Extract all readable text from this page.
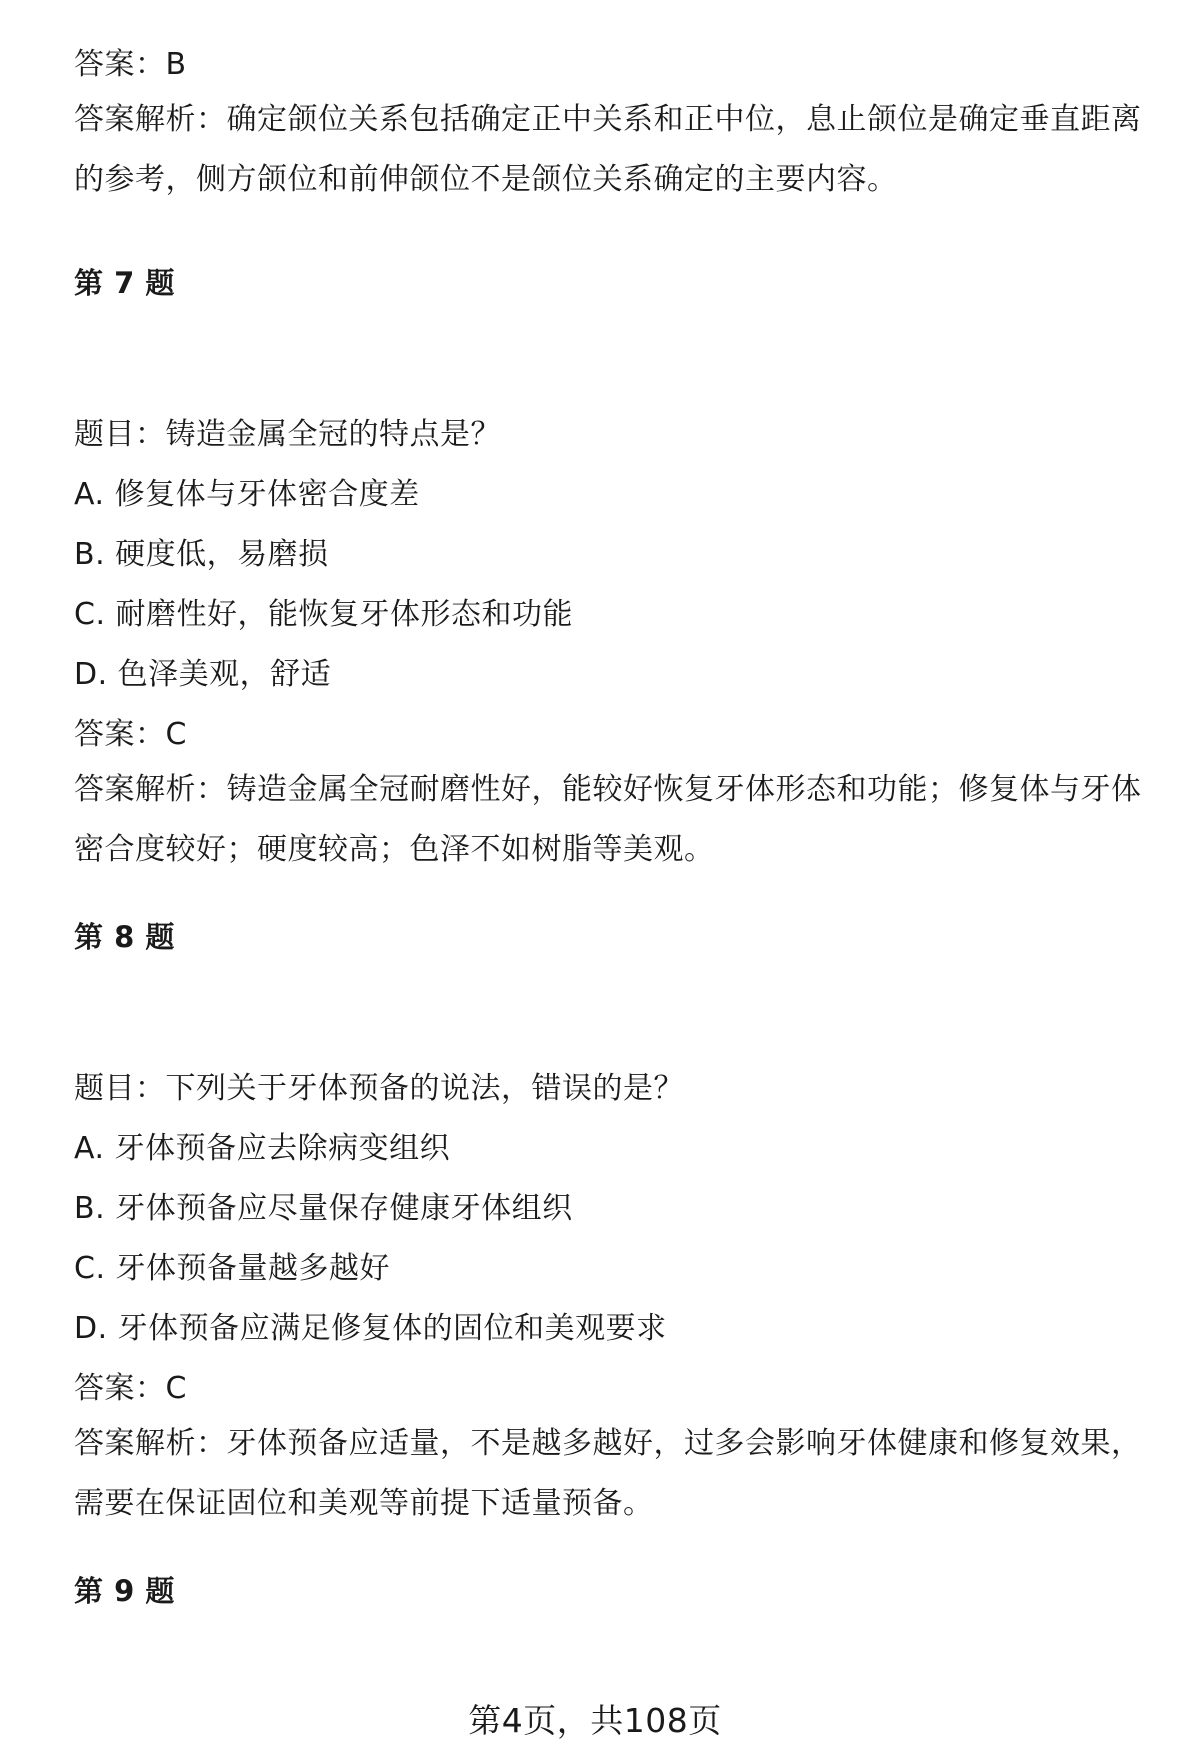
答案：B
答案解析：确定颌位关系包括确定正中关系和正中位，息止颌位是确定垂直距离的参考，侧方颌位和前伸颌位不是颌位关系确定的主要内容。
第 7 题
题目：铸造金属全冠的特点是？
A. 修复体与牙体密合度差
B. 硬度低，易磨损
C. 耐磨性好，能恢复牙体形态和功能
D. 色泽美观，舒适
答案：C
答案解析：铸造金属全冠耐磨性好，能较好恢复牙体形态和功能；修复体与牙体密合度较好；硬度较高；色泽不如树脂等美观。
第 8 题
题目：下列关于牙体预备的说法，错误的是？
A. 牙体预备应去除病变组织
B. 牙体预备应尽量保存健康牙体组织
C. 牙体预备量越多越好
D. 牙体预备应满足修复体的固位和美观要求
答案：C
答案解析：牙体预备应适量，不是越多越好，过多会影响牙体健康和修复效果，需要在保证固位和美观等前提下适量预备。
第 9 题
第4页，共108页
